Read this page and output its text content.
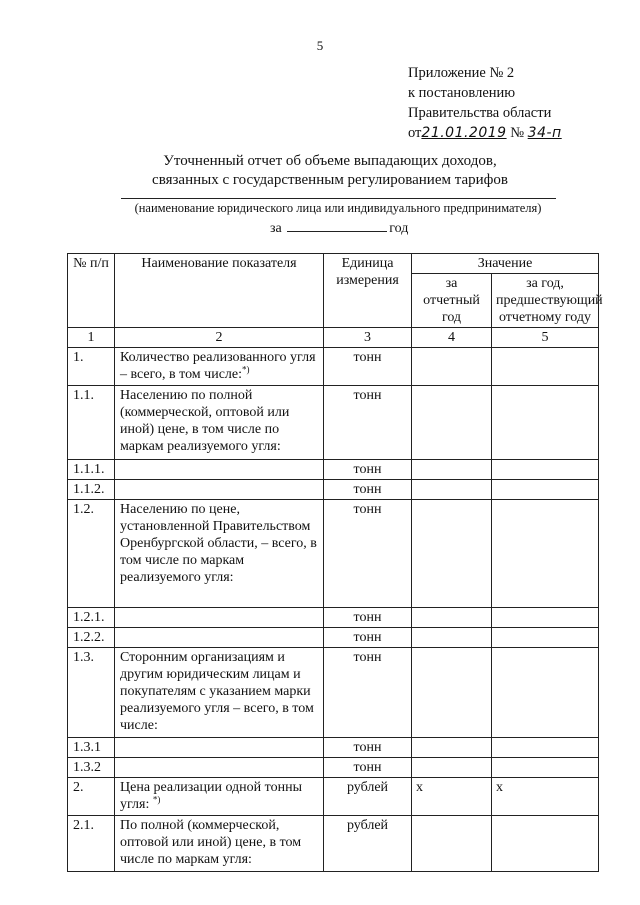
5
Приложение № 2
к постановлению
Правительства области
от21.01.2019 № 34-п
Уточненный отчет об объеме выпадающих доходов,
связанных с государственным регулированием тарифов
(наименование юридического лица или индивидуального предпринимателя)
за	год
№ п/п	Наименование показателя	Единица измерения	Значение	
			за отчетный год	за год, предшествующий отчетному году
1	2	3	4	5
1.	Количество реализованного угля – всего, в том числе:*)	тонн		
1.1.	Населению по полной (коммерческой, оптовой или иной) цене, в том числе по маркам реализуемого угля:	тонн		
1.1.1.		тонн		
1.1.2.		тонн		
1.2.	Населению по цене, установленной Правительством Оренбургской области, – всего, в том числе по маркам реализуемого угля:	тонн		
1.2.1.		тонн		
1.2.2.		тонн		
1.3.	Сторонним организациям и другим юридическим лицам и покупателям с указанием марки реализуемого угля – всего, в том числе:	тонн		
1.3.1		тонн		
1.3.2		тонн		
2.	Цена реализации одной тонны угля: *)	рублей	х	х
2.1.	По полной (коммерческой, оптовой или иной) цене, в том числе по маркам угля:	рублей		
